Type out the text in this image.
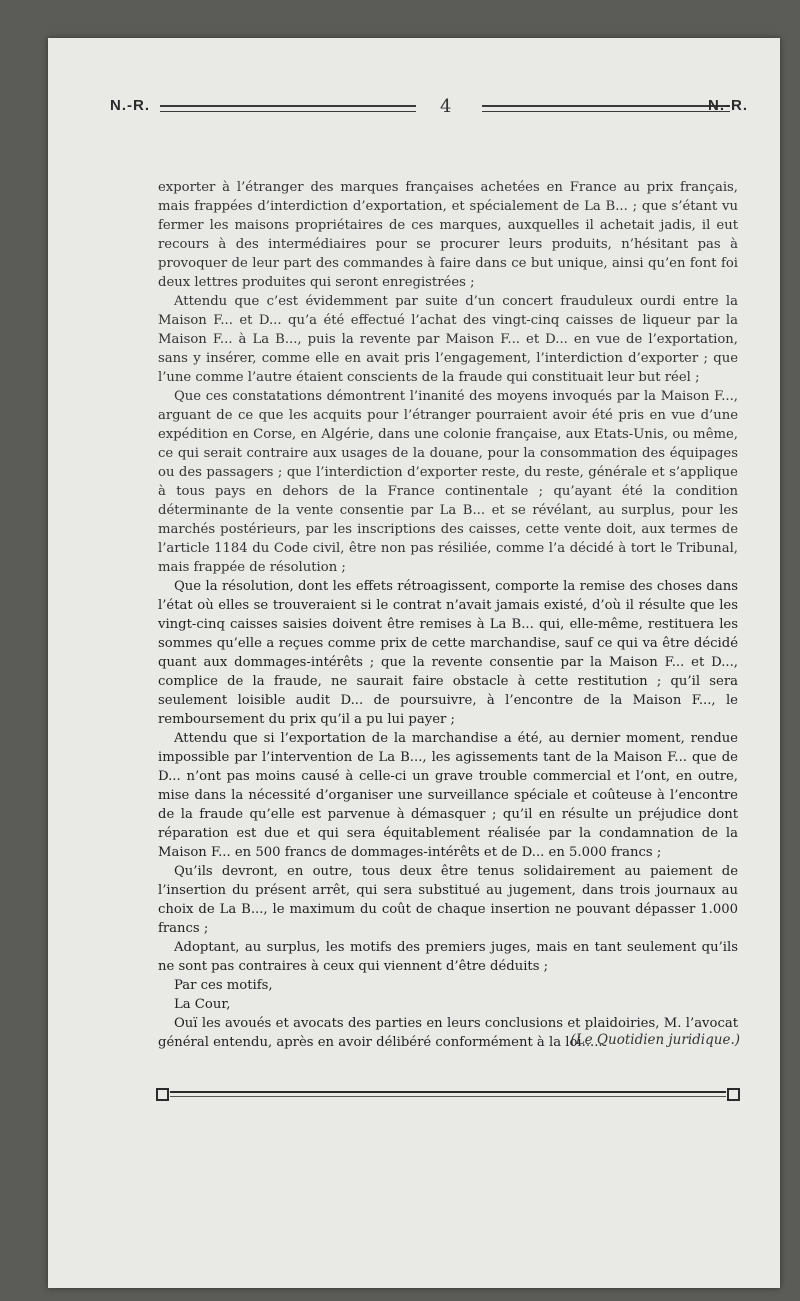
N.-R.	4	N.-R.

exporter à l’étranger des marques françaises achetées en France au prix français, mais frappées d’interdiction d’exportation, et spécialement de La B... ; que s’étant vu fermer les maisons propriétaires de ces marques, auxquelles il achetait jadis, il eut recours à des intermédiaires pour se procurer leurs produits, n’hésitant pas à provoquer de leur part des commandes à faire dans ce but unique, ainsi qu’en font foi deux lettres produites qui seront enregistrées ;

Attendu que c’est évidemment par suite d’un concert frauduleux ourdi entre la Maison F... et D... qu’a été effectué l’achat des vingt-cinq caisses de liqueur par la Maison F... à La B..., puis la revente par Maison F... et D... en vue de l’exportation, sans y insérer, comme elle en avait pris l’engagement, l’interdiction d’exporter ; que l’une comme l’autre étaient conscients de la fraude qui constituait leur but réel ;

Que ces constatations démontrent l’inanité des moyens invoqués par la Maison F..., arguant de ce que les acquits pour l’étranger pourraient avoir été pris en vue d’une expédition en Corse, en Algérie, dans une colonie française, aux Etats-Unis, ou même, ce qui serait contraire aux usages de la douane, pour la consommation des équipages ou des passagers ; que l’interdiction d’exporter reste, du reste, générale et s’applique à tous pays en dehors de la France continentale ; qu’ayant été la condition déterminante de la vente consentie par La B... et se révélant, au surplus, pour les marchés postérieurs, par les inscriptions des caisses, cette vente doit, aux termes de l’article 1184 du Code civil, être non pas résiliée, comme l’a décidé à tort le Tribunal, mais frappée de résolution ;

Que la résolution, dont les effets rétroagissent, comporte la remise des choses dans l’état où elles se trouveraient si le contrat n’avait jamais existé, d’où il résulte que les vingt-cinq caisses saisies doivent être remises à La B... qui, elle-même, restituera les sommes qu’elle a reçues comme prix de cette marchandise, sauf ce qui va être décidé quant aux dommages-intérêts ; que la revente consentie par la Maison F... et D..., complice de la fraude, ne saurait faire obstacle à cette restitution ; qu’il sera seulement loisible audit D... de poursuivre, à l’encontre de la Maison F..., le remboursement du prix qu’il a pu lui payer ;

Attendu que si l’exportation de la marchandise a été, au dernier moment, rendue impossible par l’intervention de La B..., les agissements tant de la Maison F... que de D... n’ont pas moins causé à celle-ci un grave trouble commercial et l’ont, en outre, mise dans la nécessité d’organiser une surveillance spéciale et coûteuse à l’encontre de la fraude qu’elle est parvenue à démasquer ; qu’il en résulte un préjudice dont réparation est due et qui sera équitablement réalisée par la condamnation de la Maison F... en 500 francs de dommages-intérêts et de D... en 5.000 francs ;

Qu’ils devront, en outre, tous deux être tenus solidairement au paiement de l’insertion du présent arrêt, qui sera substitué au jugement, dans trois journaux au choix de La B..., le maximum du coût de chaque insertion ne pouvant dépasser 1.000 francs ;

Adoptant, au surplus, les motifs des premiers juges, mais en tant seulement qu’ils ne sont pas contraires à ceux qui viennent d’être déduits ;

Par ces motifs,

La Cour,

Ouï les avoués et avocats des parties en leurs conclusions et plaidoiries, M. l’avocat général entendu, après en avoir délibéré conformément à la loi.....

(Le Quotidien juridique.)
